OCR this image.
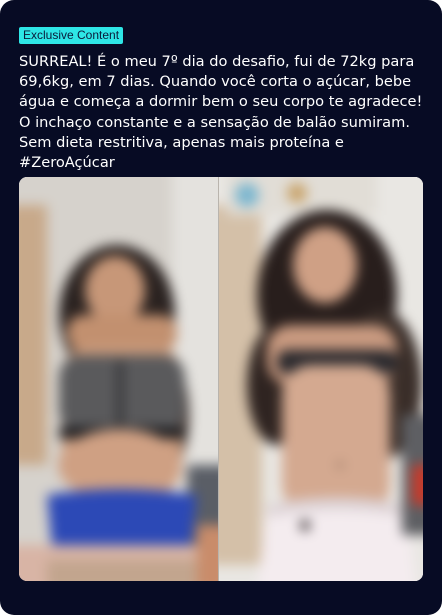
Exclusive Content

SURREAL! É o meu 7º dia do desafio, fui de 72kg para 69,6kg, em 7 dias. Quando você corta o açúcar, bebe água e começa a dormir bem o seu corpo te agradece! O inchaço constante e a sensação de balão sumiram. Sem dieta restritiva, apenas mais proteína e #ZeroAçúcar
